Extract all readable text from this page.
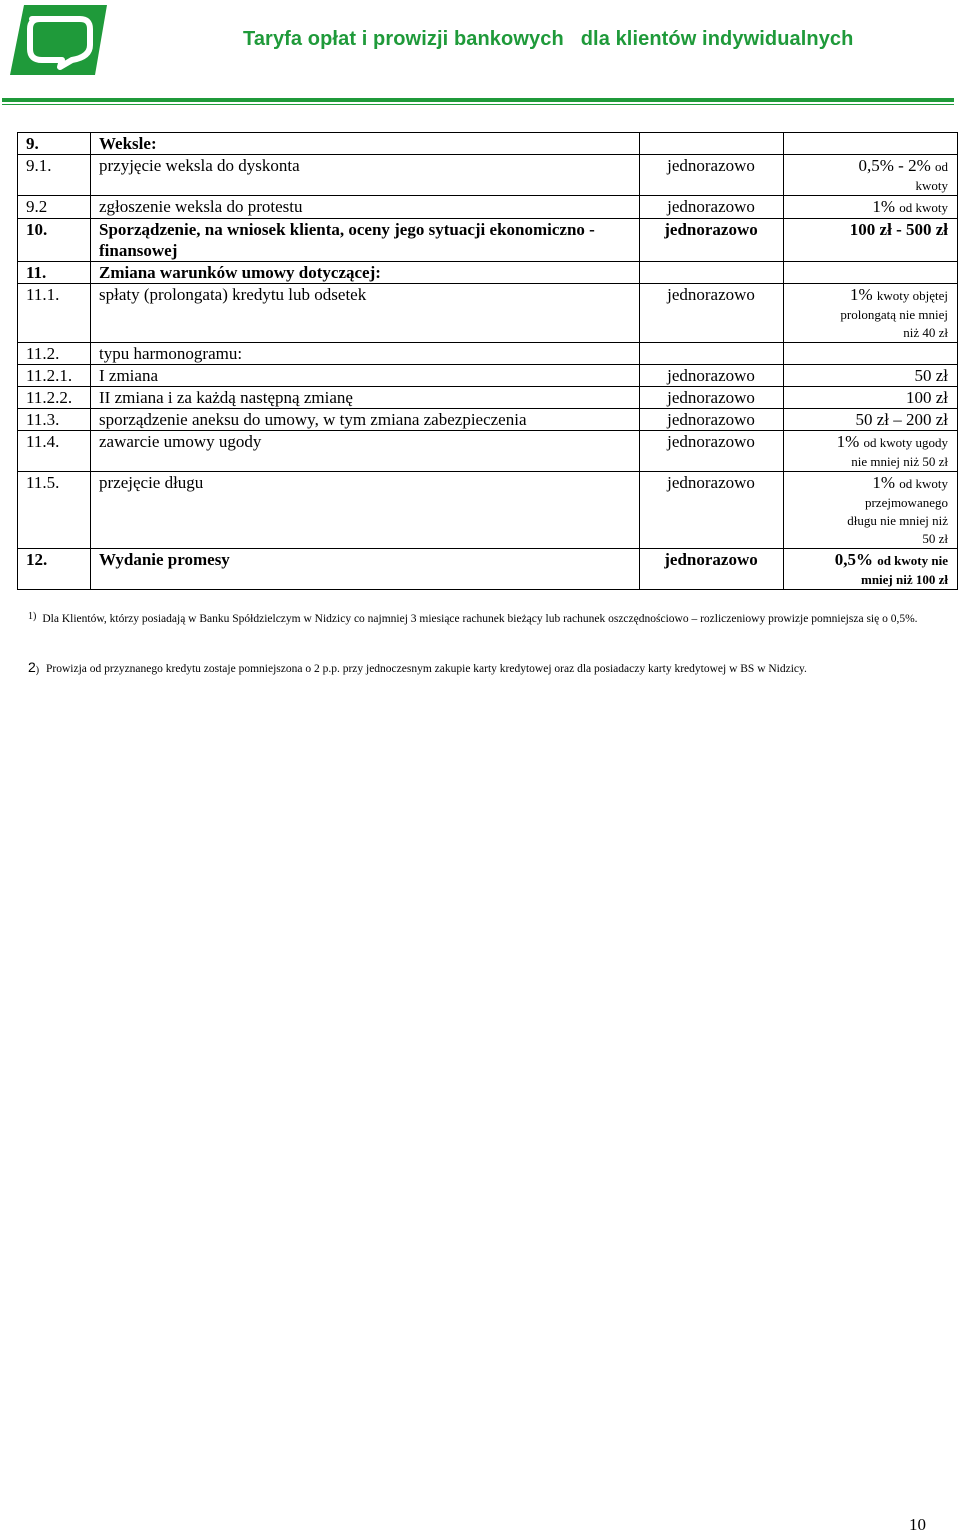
Taryfa opłat i prowizji bankowych   dla klientów indywidualnych
9.	Weksle:		
9.1.	przyjęcie weksla do dyskonta	jednorazowo	0,5% - 2% od
kwoty

9.2	zgłoszenie weksla do protestu	jednorazowo	1% od kwoty

10.	Sporządzenie, na wniosek klienta, oceny jego sytuacji ekonomiczno - finansowej	jednorazowo	100 zł - 500 zł
11.	Zmiana warunków umowy dotyczącej:		
11.1.	spłaty (prolongata) kredytu lub odsetek	jednorazowo	1% kwoty objętej
prolongatą nie mniej
niż 40 zł

11.2.	typu harmonogramu:		
11.2.1.	I zmiana	jednorazowo	50 zł
11.2.2.	II zmiana i za każdą następną zmianę	jednorazowo	100 zł
11.3.	sporządzenie aneksu do umowy, w tym zmiana zabezpieczenia	jednorazowo	50 zł – 200 zł
11.4.	zawarcie umowy ugody	jednorazowo	1% od kwoty ugody
nie mniej niż 50 zł

11.5.	przejęcie długu	jednorazowo	1% od kwoty
przejmowanego
długu nie mniej niż
50 zł

12.	Wydanie promesy	jednorazowo	0,5% od kwoty nie
mniej niż 100 zł
$^{1)}$ Dla Klientów, którzy posiadają w Banku Spółdzielczym w Nidzicy co najmniej 3 miesiące rachunek bieżący lub rachunek oszczędnościowo – rozliczeniowy prowizje pomniejsza się o 0,5%.
2) Prowizja od przyznanego kredytu zostaje pomniejszona o 2 p.p. przy jednoczesnym zakupie karty kredytowej oraz dla posiadaczy karty kredytowej w BS w Nidzicy.
10
